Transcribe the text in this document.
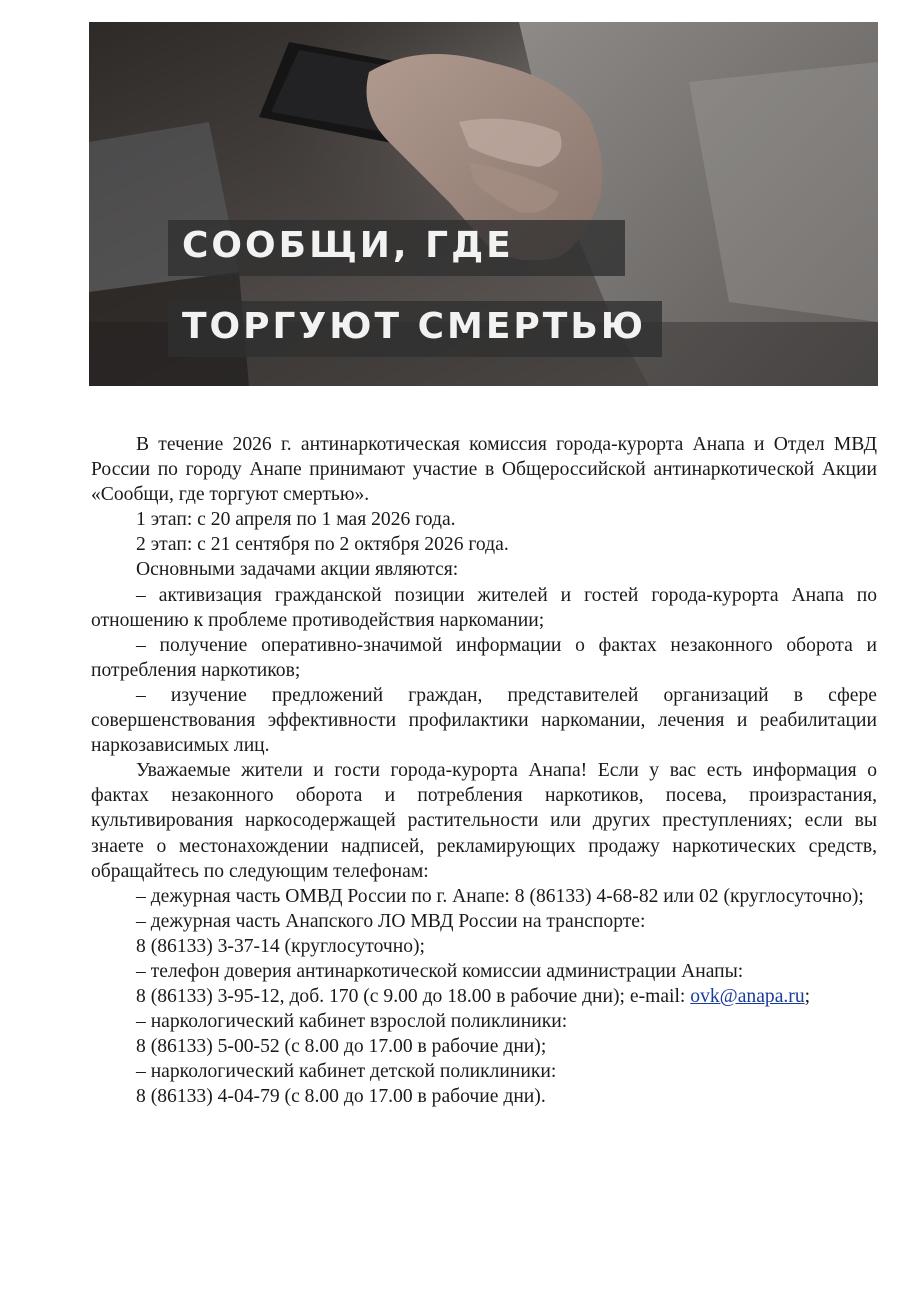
СООБЩИ, ГДЕ
ТОРГУЮТ СМЕРТЬЮ

В течение 2026 г. антинаркотическая комиссия города-курорта Анапа и Отдел МВД России по городу Анапе принимают участие в Общероссийской антинаркотической Акции «Сообщи, где торгуют смертью».

1 этап: с 20 апреля по 1 мая 2026 года.

2 этап: с 21 сентября по 2 октября 2026 года.

Основными задачами акции являются:

– активизация гражданской позиции жителей и гостей города-курорта Анапа по отношению к проблеме противодействия наркомании;

– получение оперативно-значимой информации о фактах незаконного оборота и потребления наркотиков;

– изучение предложений граждан, представителей организаций в сфере совершенствования эффективности профилактики наркомании, лечения и реабилитации наркозависимых лиц.

Уважаемые жители и гости города-курорта Анапа! Если у вас есть информация о фактах незаконного оборота и потребления наркотиков, посева, произрастания, культивирования наркосодержащей растительности или других преступлениях; если вы знаете о местонахождении надписей, рекламирующих продажу наркотических средств, обращайтесь по следующим телефонам:

– дежурная часть ОМВД России по г. Анапе: 8 (86133) 4-68-82 или 02 (круглосуточно);

– дежурная часть Анапского ЛО МВД России на транспорте:

8 (86133) 3-37-14 (круглосуточно);

– телефон доверия антинаркотической комиссии администрации Анапы:

8 (86133) 3-95-12, доб. 170 (с 9.00 до 18.00 в рабочие дни); e-mail: ovk@anapa.ru;

– наркологический кабинет взрослой поликлиники:

8 (86133) 5-00-52 (с 8.00 до 17.00 в рабочие дни);

– наркологический кабинет детской поликлиники:

8 (86133) 4-04-79 (с 8.00 до 17.00 в рабочие дни).
